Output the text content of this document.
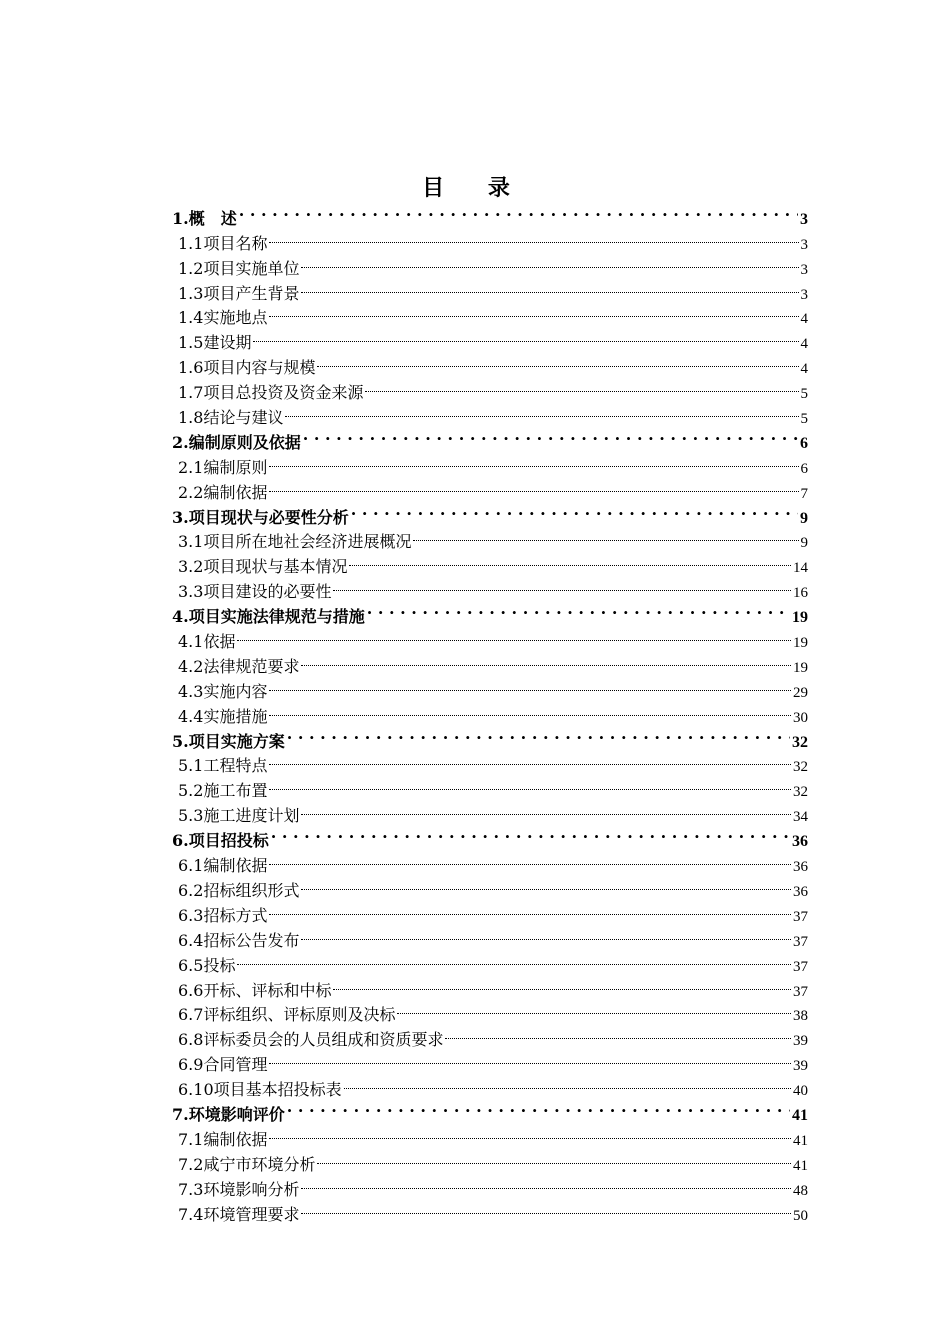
目 录
1.概　述 . . .	3
1.1项目名称	3
1.2项目实施单位	3
1.3项目产生背景	3
1.4实施地点	4
1.5建设期	4
1.6项目内容与规模	4
1.7项目总投资及资金来源	5
1.8结论与建议	5
2.编制原则及依据 . . .	6
2.1编制原则	6
2.2编制依据	7
3.项目现状与必要性分析 . . .	9
3.1项目所在地社会经济进展概况	9
3.2项目现状与基本情况	14
3.3项目建设的必要性	16
4.项目实施法律规范与措施 . . .	19
4.1依据	19
4.2法律规范要求	19
4.3实施内容	29
4.4实施措施	30
5.项目实施方案 . . .	32
5.1工程特点	32
5.2施工布置	32
5.3施工进度计划	34
6.项目招投标 . . .	36
6.1编制依据	36
6.2招标组织形式	36
6.3招标方式	37
6.4招标公告发布	37
6.5投标	37
6.6开标、评标和中标	37
6.7评标组织、评标原则及决标	38
6.8评标委员会的人员组成和资质要求	39
6.9合同管理	39
6.10项目基本招投标表	40
7.环境影响评价 . . .	41
7.1编制依据	41
7.2咸宁市环境分析	41
7.3环境影响分析	48
7.4环境管理要求	50
